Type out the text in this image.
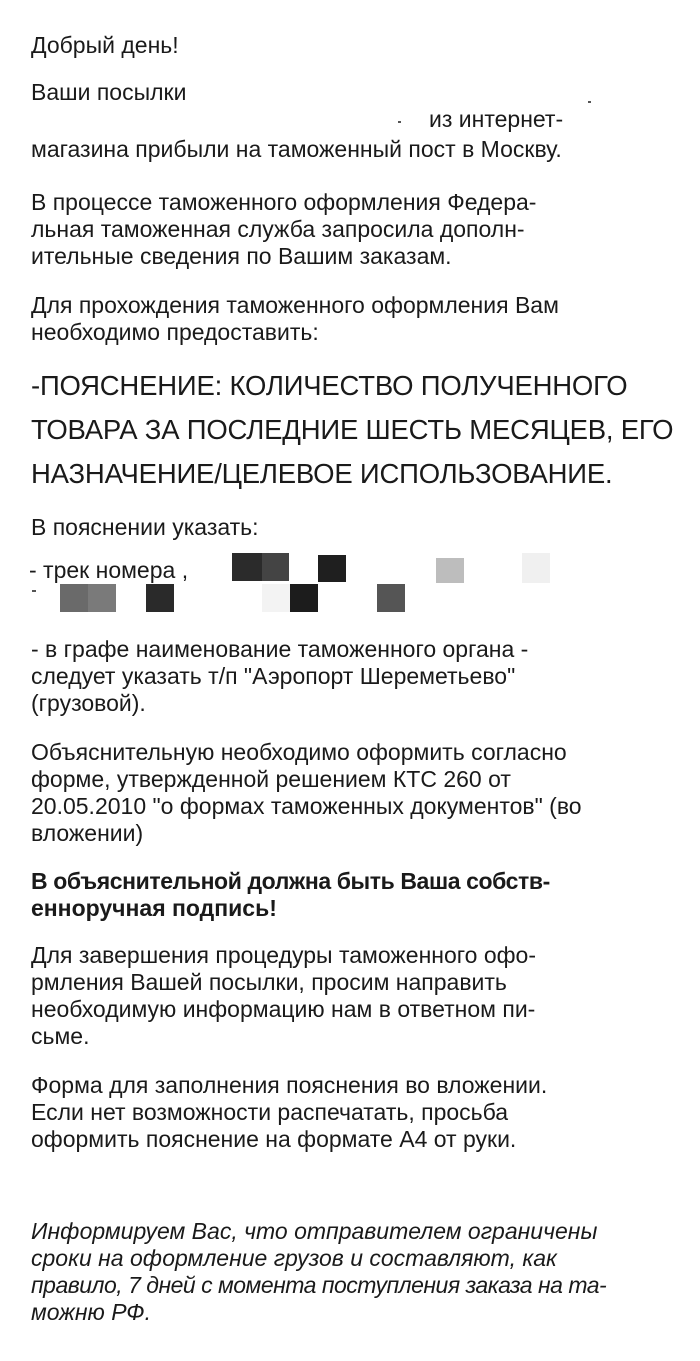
Добрый день!

Ваши посылки

из интернет-

магазина прибыли на таможенный пост в Москву.

В процессе таможенного оформления Федера-

льная таможенная служба запросила дополн-

ительные сведения по Вашим заказам.

Для прохождения таможенного оформления Вам

необходимо предоставить:

-ПОЯСНЕНИЕ: КОЛИЧЕСТВО ПОЛУЧЕННОГО

ТОВАРА ЗА ПОСЛЕДНИЕ ШЕСТЬ МЕСЯЦЕВ, ЕГО

НАЗНАЧЕНИЕ/ЦЕЛЕВОЕ ИСПОЛЬЗОВАНИЕ.

В пояснении указать:

- трек номера ,

- в графе наименование таможенного органа -

следует указать т/п "Аэропорт Шереметьево"

(грузовой).

Объяснительную необходимо оформить согласно

форме, утвержденной решением КТС 260 от

20.05.2010 "о формах таможенных документов" (во

вложении)

В объяснительной должна быть Ваша собств-

енноручная подпись!

Для завершения процедуры таможенного офо-

рмления Вашей посылки, просим направить

необходимую информацию нам в ответном пи-

сьме.

Форма для заполнения пояснения во вложении.

Если нет возможности распечатать, просьба

оформить пояснение на формате А4 от руки.

Информируем Вас, что отправителем ограничены

сроки на оформление грузов и составляют, как

правило, 7 дней с момента поступления заказа на та-

можню РФ.
